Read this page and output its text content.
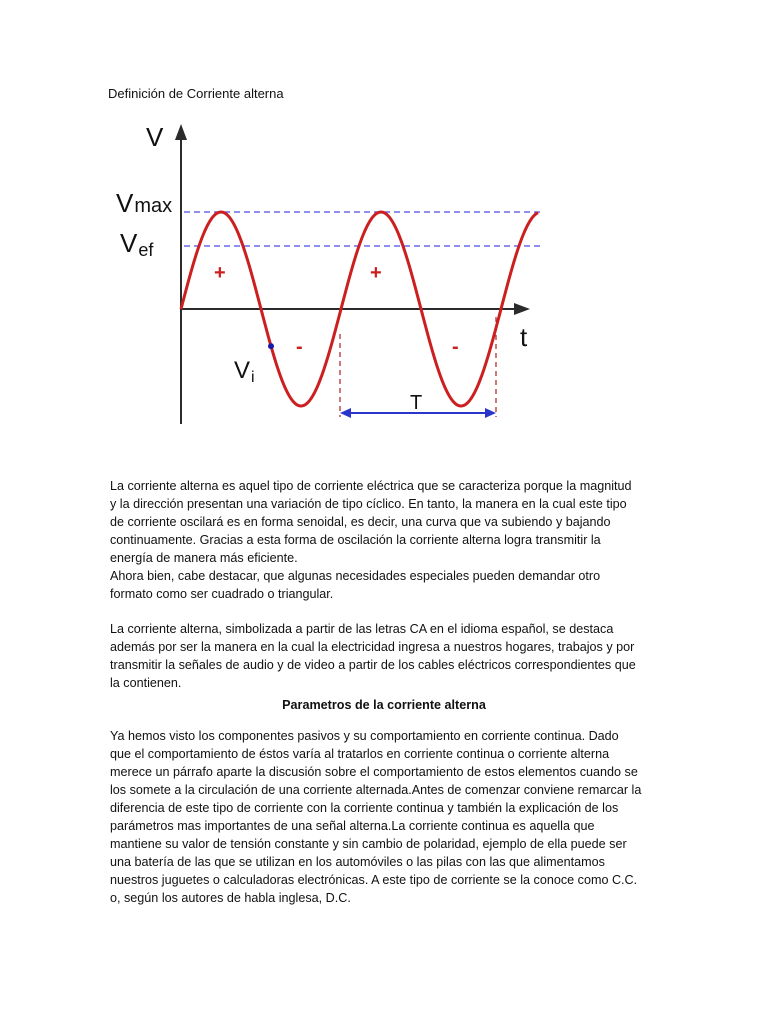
Definición de Corriente alterna
V
t
Vmax
Vef
Vi
T
+	+
-	-

La corriente alterna es aquel tipo de corriente eléctrica que se caracteriza porque la magnitud
y la dirección presentan una variación de tipo cíclico. En tanto, la manera en la cual este tipo
de corriente oscilará es en forma senoidal, es decir, una curva que va subiendo y bajando
continuamente. Gracias a esta forma de oscilación la corriente alterna logra transmitir la
energía de manera más eficiente.
Ahora bien, cabe destacar, que algunas necesidades especiales pueden demandar otro
formato como ser cuadrado o triangular.

La corriente alterna, simbolizada a partir de las letras CA en el idioma español, se destaca
además por ser la manera en la cual la electricidad ingresa a nuestros hogares, trabajos y por
transmitir la señales de audio y de video a partir de los cables eléctricos correspondientes que
la contienen.

Parametros de la corriente alterna

Ya hemos visto los componentes pasivos y su comportamiento en corriente continua. Dado
que el comportamiento de éstos varía al tratarlos en corriente continua o corriente alterna
merece un párrafo aparte la discusión sobre el comportamiento de estos elementos cuando se
los somete a la circulación de una corriente alternada.Antes de comenzar conviene remarcar la
diferencia de este tipo de corriente con la corriente continua y también la explicación de los
parámetros mas importantes de una señal alterna.La corriente continua es aquella que
mantiene su valor de tensión constante y sin cambio de polaridad, ejemplo de ella puede ser
una batería de las que se utilizan en los automóviles o las pilas con las que alimentamos
nuestros juguetes o calculadoras electrónicas. A este tipo de corriente se la conoce como C.C.
o, según los autores de habla inglesa, D.C.
